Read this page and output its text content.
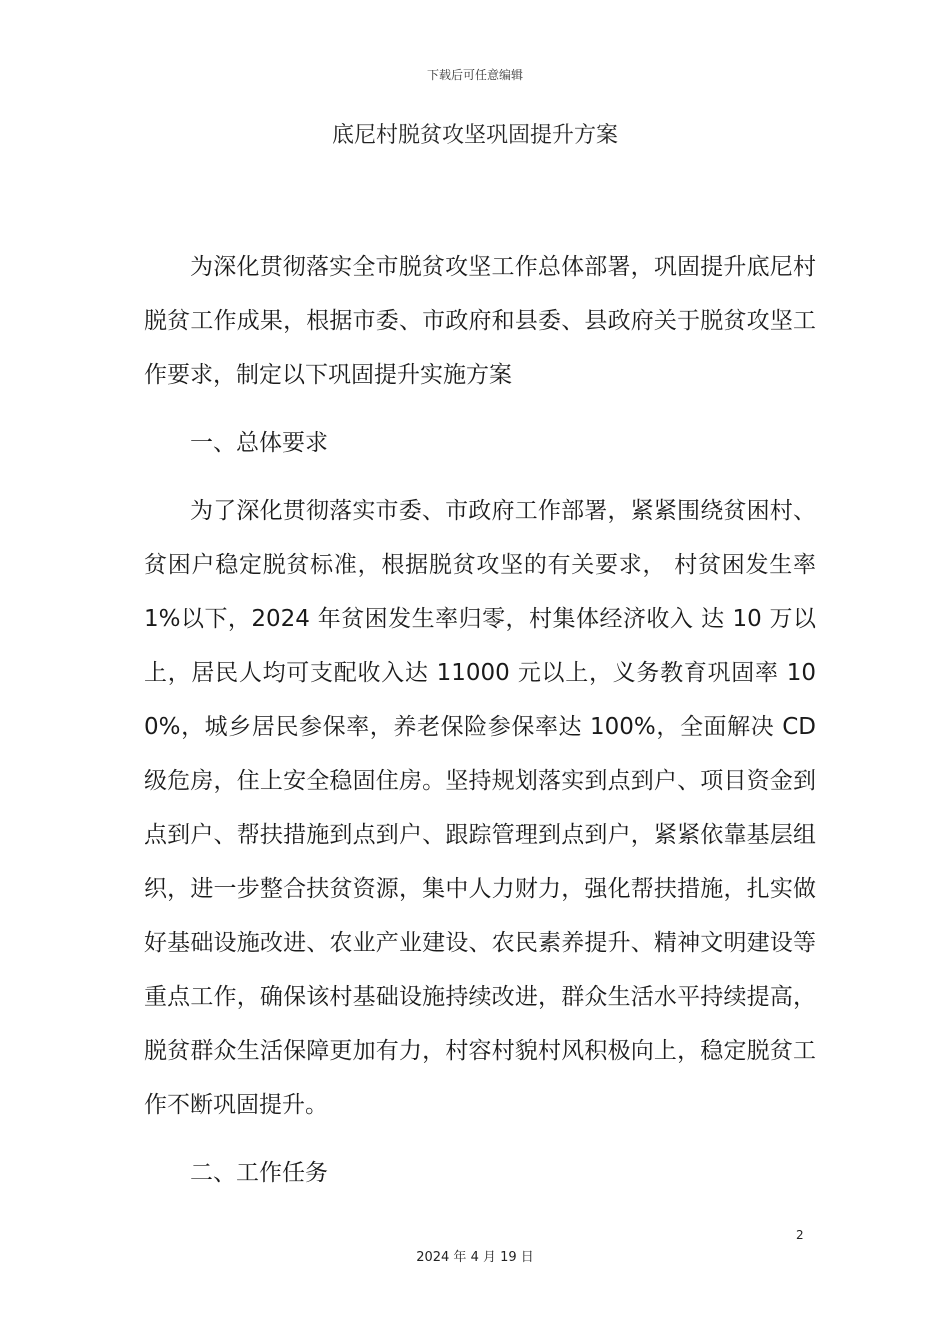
下载后可任意编辑
底尼村脱贫攻坚巩固提升方案

为深化贯彻落实全市脱贫攻坚工作总体部署，巩固提升底尼村脱贫工作成果，根据市委、市政府和县委、县政府关于脱贫攻坚工作要求，制定以下巩固提升实施方案

一、总体要求

为了深化贯彻落实市委、市政府工作部署，紧紧围绕贫困村、贫困户稳定脱贫标准，根据脱贫攻坚的有关要求， 村贫困发生率1%以下，2024 年贫困发生率归零，村集体经济收入 达 10 万以上，居民人均可支配收入达 11000 元以上，义务教育巩固率 100%，城乡居民参保率，养老保险参保率达 100%，全面解决 CD 级危房，住上安全稳固住房。坚持规划落实到点到户、项目资金到点到户、帮扶措施到点到户、跟踪管理到点到户，紧紧依靠基层组织，进一步整合扶贫资源，集中人力财力，强化帮扶措施，扎实做好基础设施改进、农业产业建设、农民素养提升、精神文明建设等重点工作，确保该村基础设施持续改进，群众生活水平持续提高，脱贫群众生活保障更加有力，村容村貌村风积极向上，稳定脱贫工作不断巩固提升。

二、工作任务

2
2024 年 4 月 19 日
